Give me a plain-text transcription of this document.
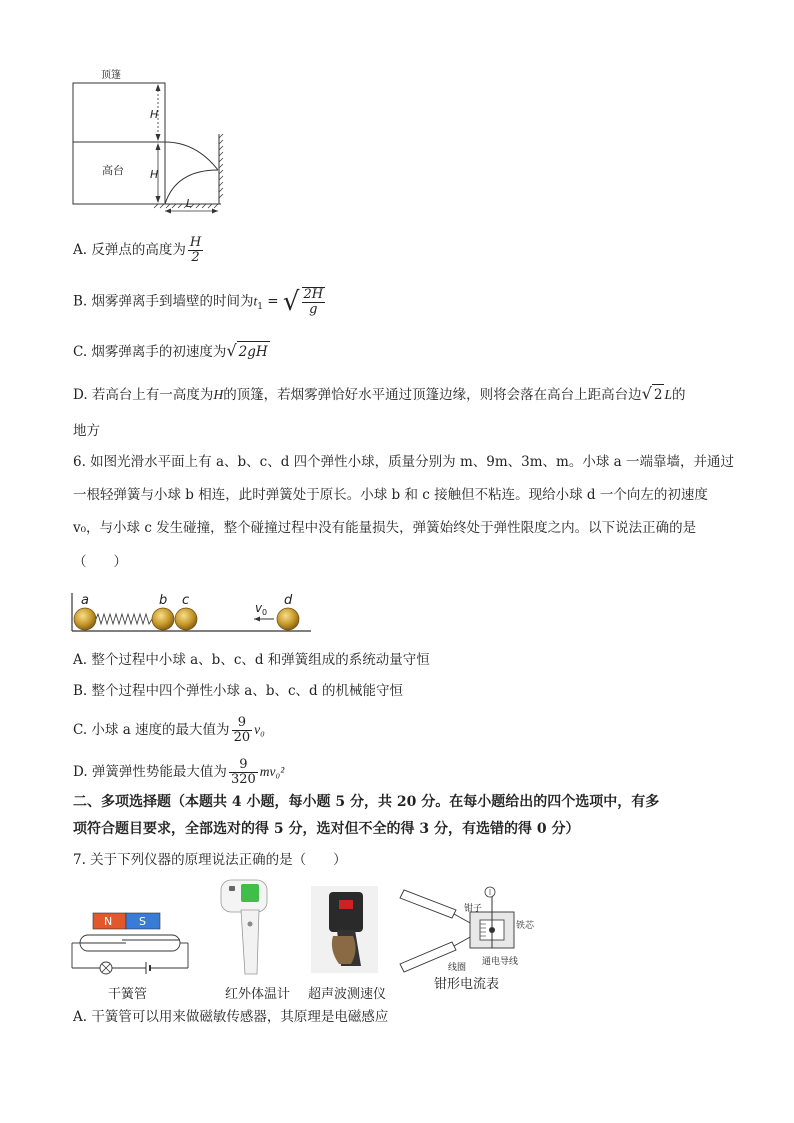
顶篷
高台
H
H
L
A. 反弹点的高度为 $\frac{H}{2}$
B. 烟雾弹离手到墙壁的时间为$t_1$ = √ $\frac{2H}{g}$
C. 烟雾弹离手的初速度为√ 2gH
D. 若高台上有一高度为H的顶篷，若烟雾弹恰好水平通过顶篷边缘，则将会落在高台上距高台边√ 2 L的
地方
6. 如图光滑水平面上有 a、b、c、d 四个弹性小球，质量分别为 m、9m、3m、m。小球 a 一端靠墙，并通过
一根轻弹簧与小球 b 相连，此时弹簧处于原长。小球 b 和 c 接触但不粘连。现给小球 d 一个向左的初速度
v₀，与小球 c 发生碰撞，整个碰撞过程中没有能量损失，弹簧始终处于弹性限度之内。以下说法正确的是
（　　）
a	b c	d
v 0
A. 整个过程中小球 a、b、c、d 和弹簧组成的系统动量守恒
B. 整个过程中四个弹性小球 a、b、c、d 的机械能守恒
C. 小球 a 速度的最大值为 $\frac{9}{20} v_0$
D. 弹簧弹性势能最大值为 $\frac{9}{320} mv_0^2$
二、多项选择题（本题共 4 小题，每小题 5 分，共 20 分。在每小题给出的四个选项中，有多
项符合题目要求，全部选对的得 5 分，选对但不全的得 3 分，有选错的得 0 分）
7. 关于下列仪器的原理说法正确的是（　　）
N S
干簧管	红外体温计 超声波测速仪
钳子
铁芯
线圈
通电导线
钳形电流表
A. 干簧管可以用来做磁敏传感器，其原理是电磁感应
